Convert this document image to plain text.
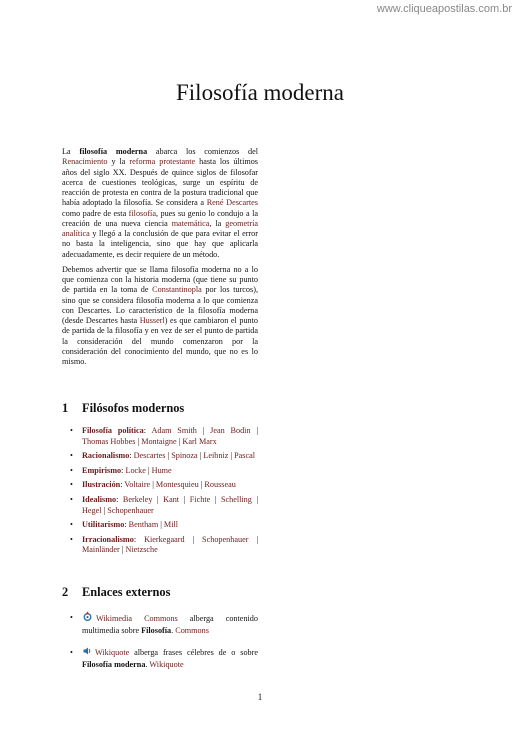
www.cliqueapostilas.com.br
Filosofía moderna

La filosofía moderna abarca los comienzos del Renacimiento y la reforma protestante hasta los últimos años del siglo XX. Después de quince siglos de filosofar acerca de cuestiones teológicas, surge un espíritu de reacción de protesta en contra de la postura tradicional que había adoptado la filosofía. Se considera a René Descartes como padre de esta filosofía, pues su genio lo condujo a la creación de una nueva ciencia matemática, la geometría analítica y llegó a la conclusión de que para evitar el error no basta la inteligencia, sino que hay que aplicarla adecuadamente, es decir requiere de un método.

Debemos advertir que se llama filosofía moderna no a lo que comienza con la historia moderna (que tiene su punto de partida en la toma de Constantinopla por los turcos), sino que se considera filosofía moderna a lo que comienza con Descartes. Lo característico de la filosofía moderna (desde Descartes hasta Husserl) es que cambiaron el punto de partida de la filosofía y en vez de ser el punto de partida la consideración del mundo comenzaron por la consideración del conocimiento del mundo, que no es lo mismo.

1 Filósofos modernos
• Filosofía política: Adam Smith | Jean Bodin | Thomas Hobbes | Montaigne | Karl Marx
• Racionalismo: Descartes | Spinoza | Leibniz | Pascal
• Empirismo: Locke | Hume
• Ilustración: Voltaire | Montesquieu | Rousseau
• Idealismo: Berkeley | Kant | Fichte | Schelling | Hegel | Schopenhauer
• Utilitarismo: Bentham | Mill
• Irracionalismo: Kierkegaard | Schopenhauer | Mainländer | Nietzsche
2 Enlaces externos
•	Wikimedia Commons alberga contenido multimedia sobre Filosofía. Commons
•	Wikiquote alberga frases célebres de o sobre Filosofía moderna. Wikiquote
1
